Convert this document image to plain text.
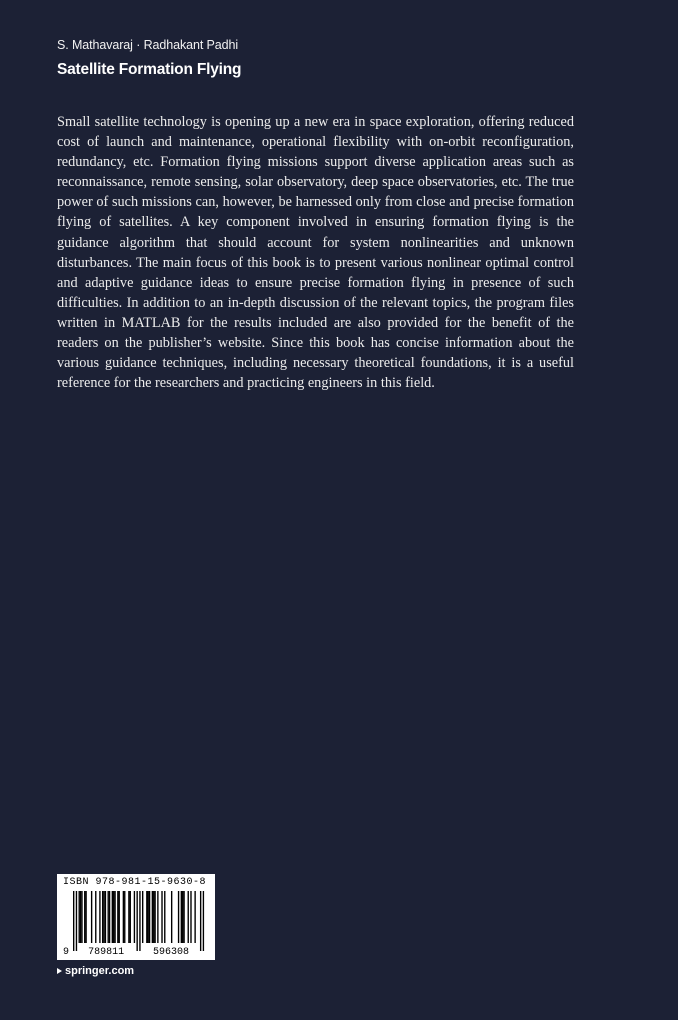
S. Mathavaraj · Radhakant Padhi
Satellite Formation Flying

Small satellite technology is opening up a new era in space exploration, offering reduced cost of launch and maintenance, operational flexibility with on-orbit reconfiguration, redundancy, etc. Formation flying missions support diverse application areas such as reconnaissance, remote sensing, solar observatory, deep space observatories, etc. The true power of such missions can, however, be harnessed only from close and precise formation flying of satellites. A key component involved in ensuring formation flying is the guidance algorithm that should account for system nonlinearities and unknown disturbances. The main focus of this book is to present various nonlinear optimal control and adaptive guidance ideas to ensure precise formation flying in presence of such difficulties. In addition to an in-depth discussion of the relevant topics, the program files written in MATLAB for the results included are also provided for the benefit of the readers on the publisher’s website. Since this book has concise information about the various guidance techniques, including necessary theoretical foundations, it is a useful reference for the researchers and practicing engineers in this field.

ISBN 978-981-15-9630-8
9 789811	596308
springer.com
